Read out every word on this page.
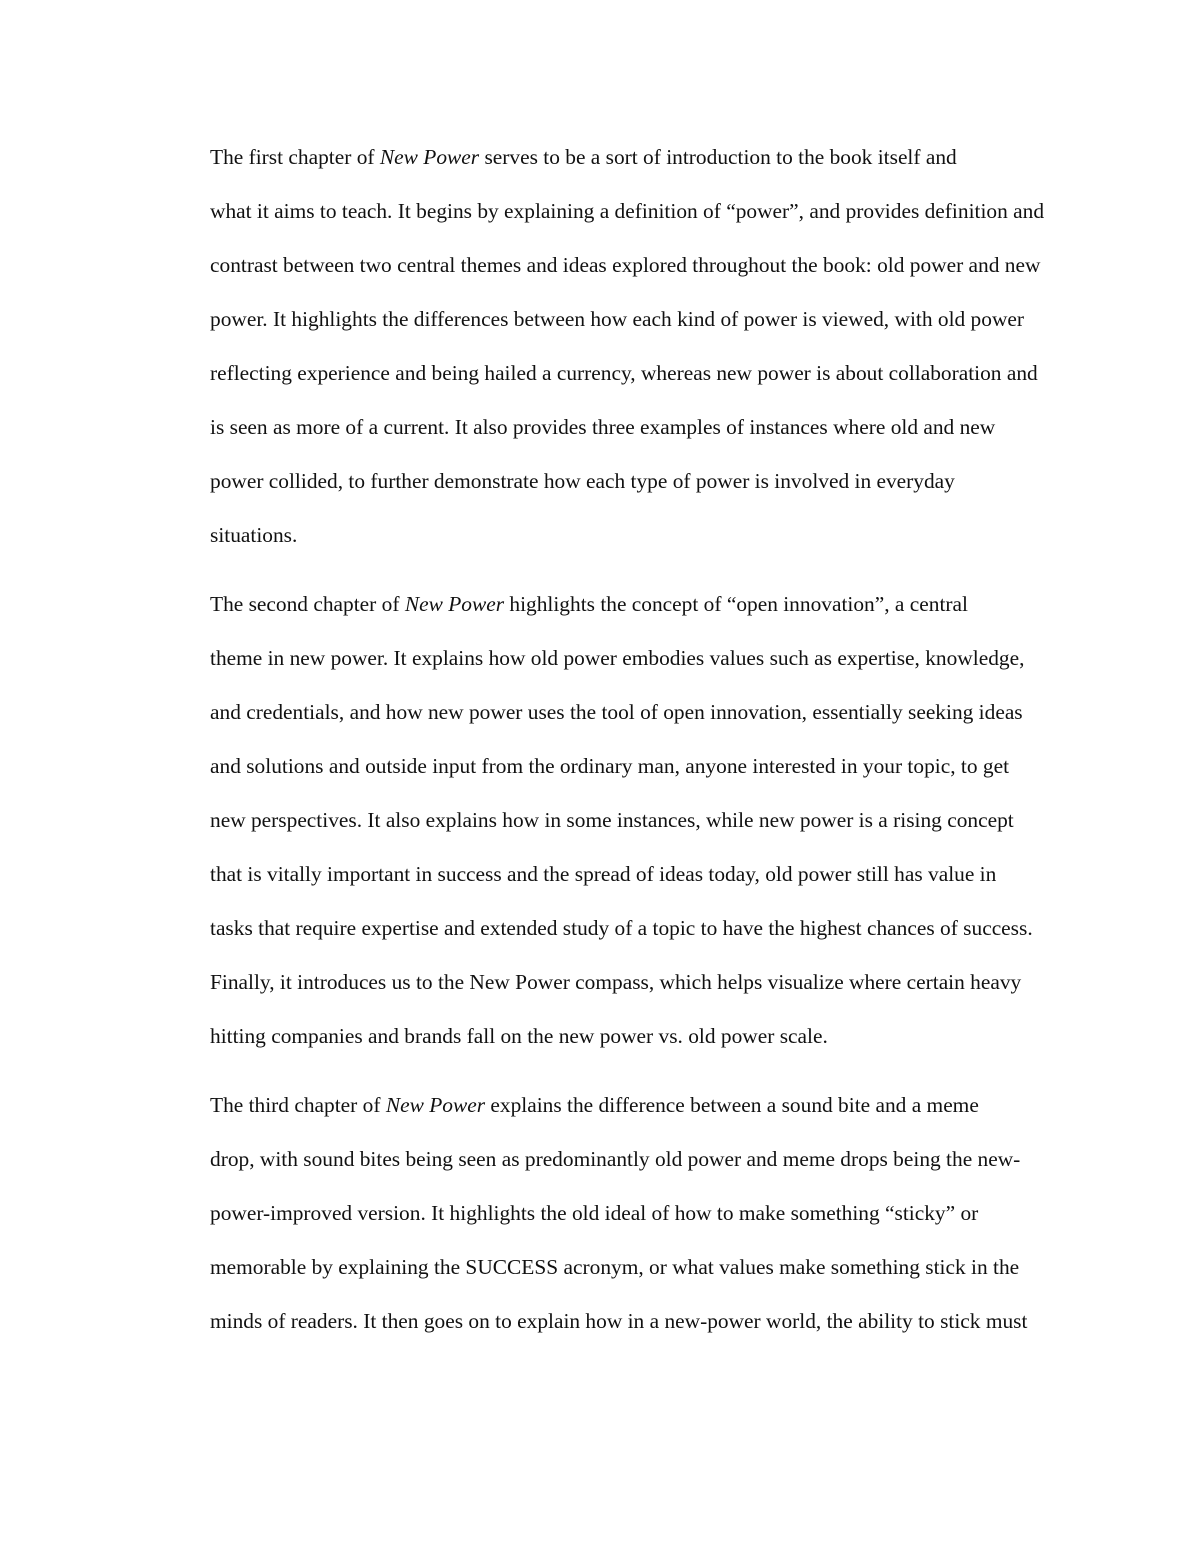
The first chapter of New Power serves to be a sort of introduction to the book itself and
what it aims to teach. It begins by explaining a definition of “power”, and provides definition and
contrast between two central themes and ideas explored throughout the book: old power and new
power. It highlights the differences between how each kind of power is viewed, with old power
reflecting experience and being hailed a currency, whereas new power is about collaboration and
is seen as more of a current. It also provides three examples of instances where old and new
power collided, to further demonstrate how each type of power is involved in everyday
situations.

The second chapter of New Power highlights the concept of “open innovation”, a central
theme in new power. It explains how old power embodies values such as expertise, knowledge,
and credentials, and how new power uses the tool of open innovation, essentially seeking ideas
and solutions and outside input from the ordinary man, anyone interested in your topic, to get
new perspectives. It also explains how in some instances, while new power is a rising concept
that is vitally important in success and the spread of ideas today, old power still has value in
tasks that require expertise and extended study of a topic to have the highest chances of success.
Finally, it introduces us to the New Power compass, which helps visualize where certain heavy
hitting companies and brands fall on the new power vs. old power scale.

The third chapter of New Power explains the difference between a sound bite and a meme
drop, with sound bites being seen as predominantly old power and meme drops being the new-
power-improved version. It highlights the old ideal of how to make something “sticky” or
memorable by explaining the SUCCESS acronym, or what values make something stick in the
minds of readers. It then goes on to explain how in a new-power world, the ability to stick must
